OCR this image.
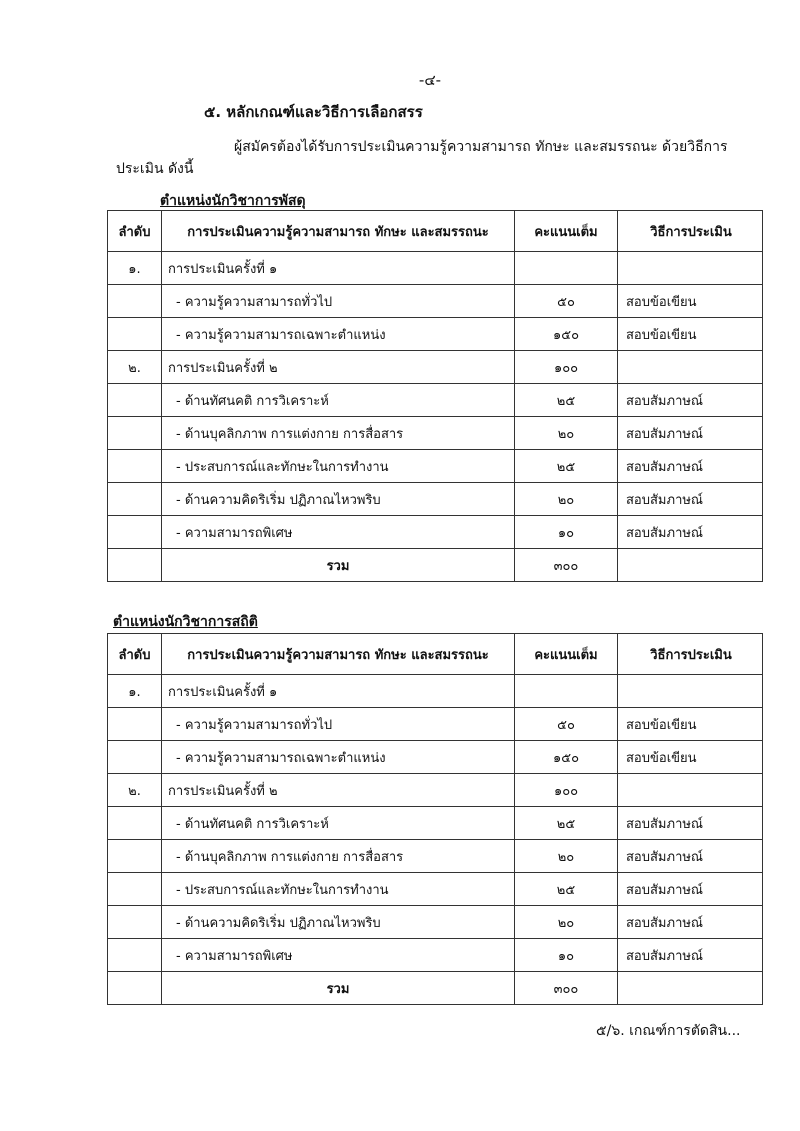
-๔-
๕. หลักเกณฑ์และวิธีการเลือกสรร
ผู้สมัครต้องได้รับการประเมินความรู้ความสามารถ ทักษะ และสมรรถนะ ด้วยวิธีการ
ประเมิน ดังนี้
ตำแหน่งนักวิชาการพัสดุ
ลำดับ	การประเมินความรู้ความสามารถ ทักษะ และสมรรถนะ	คะแนนเต็ม	วิธีการประเมิน
๑.	การประเมินครั้งที่ ๑		
	- ความรู้ความสามารถทั่วไป	๕๐	สอบข้อเขียน
	- ความรู้ความสามารถเฉพาะตำแหน่ง	๑๕๐	สอบข้อเขียน
๒.	การประเมินครั้งที่ ๒	๑๐๐	
	- ด้านทัศนคติ การวิเคราะห์	๒๕	สอบสัมภาษณ์
	- ด้านบุคลิกภาพ การแต่งกาย การสื่อสาร	๒๐	สอบสัมภาษณ์
	- ประสบการณ์และทักษะในการทำงาน	๒๕	สอบสัมภาษณ์
	- ด้านความคิดริเริ่ม ปฏิภาณไหวพริบ	๒๐	สอบสัมภาษณ์
	- ความสามารถพิเศษ	๑๐	สอบสัมภาษณ์
	รวม	๓๐๐	
ตำแหน่งนักวิชาการสถิติ
ลำดับ	การประเมินความรู้ความสามารถ ทักษะ และสมรรถนะ	คะแนนเต็ม	วิธีการประเมิน
๑.	การประเมินครั้งที่ ๑		
	- ความรู้ความสามารถทั่วไป	๕๐	สอบข้อเขียน
	- ความรู้ความสามารถเฉพาะตำแหน่ง	๑๕๐	สอบข้อเขียน
๒.	การประเมินครั้งที่ ๒	๑๐๐	
	- ด้านทัศนคติ การวิเคราะห์	๒๕	สอบสัมภาษณ์
	- ด้านบุคลิกภาพ การแต่งกาย การสื่อสาร	๒๐	สอบสัมภาษณ์
	- ประสบการณ์และทักษะในการทำงาน	๒๕	สอบสัมภาษณ์
	- ด้านความคิดริเริ่ม ปฏิภาณไหวพริบ	๒๐	สอบสัมภาษณ์
	- ความสามารถพิเศษ	๑๐	สอบสัมภาษณ์
	รวม	๓๐๐	
๕/๖. เกณฑ์การตัดสิน...
